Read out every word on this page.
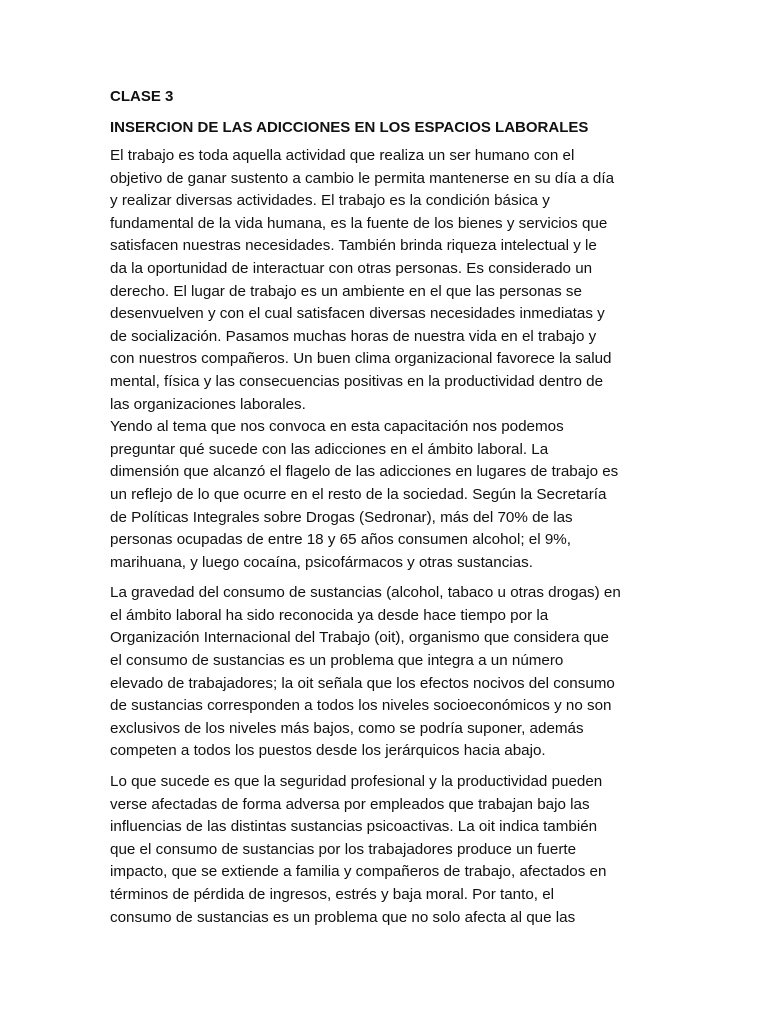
CLASE 3
INSERCION DE LAS ADICCIONES EN LOS ESPACIOS LABORALES
El trabajo es toda aquella actividad que realiza un ser humano con el
objetivo de ganar sustento a cambio le permita mantenerse en su día a día
y realizar diversas actividades. El trabajo es la condición básica y
fundamental de la vida humana, es la fuente de los bienes y servicios que
satisfacen nuestras necesidades. También brinda riqueza intelectual y le
da la oportunidad de interactuar con otras personas. Es considerado un
derecho. El lugar de trabajo es un ambiente en el que las personas se
desenvuelven y con el cual satisfacen diversas necesidades inmediatas y
de socialización. Pasamos muchas horas de nuestra vida en el trabajo y
con nuestros compañeros. Un buen clima organizacional favorece la salud
mental, física y las consecuencias positivas en la productividad dentro de
las organizaciones laborales.
Yendo al tema que nos convoca en esta capacitación nos podemos
preguntar qué sucede con las adicciones en el ámbito laboral. La
dimensión que alcanzó el flagelo de las adicciones en lugares de trabajo es
un reflejo de lo que ocurre en el resto de la sociedad. Según la Secretaría
de Políticas Integrales sobre Drogas (Sedronar), más del 70% de las
personas ocupadas de entre 18 y 65 años consumen alcohol; el 9%,
marihuana, y luego cocaína, psicofármacos y otras sustancias.
La gravedad del consumo de sustancias (alcohol, tabaco u otras drogas) en
el ámbito laboral ha sido reconocida ya desde hace tiempo por la
Organización Internacional del Trabajo (oit), organismo que considera que
el consumo de sustancias es un problema que integra a un número
elevado de trabajadores; la oit señala que los efectos nocivos del consumo
de sustancias corresponden a todos los niveles socioeconómicos y no son
exclusivos de los niveles más bajos, como se podría suponer, además
competen a todos los puestos desde los jerárquicos hacia abajo.
Lo que sucede es que la seguridad profesional y la productividad pueden
verse afectadas de forma adversa por empleados que trabajan bajo las
influencias de las distintas sustancias psicoactivas. La oit indica también
que el consumo de sustancias por los trabajadores produce un fuerte
impacto, que se extiende a familia y compañeros de trabajo, afectados en
términos de pérdida de ingresos, estrés y baja moral. Por tanto, el
consumo de sustancias es un problema que no solo afecta al que las
